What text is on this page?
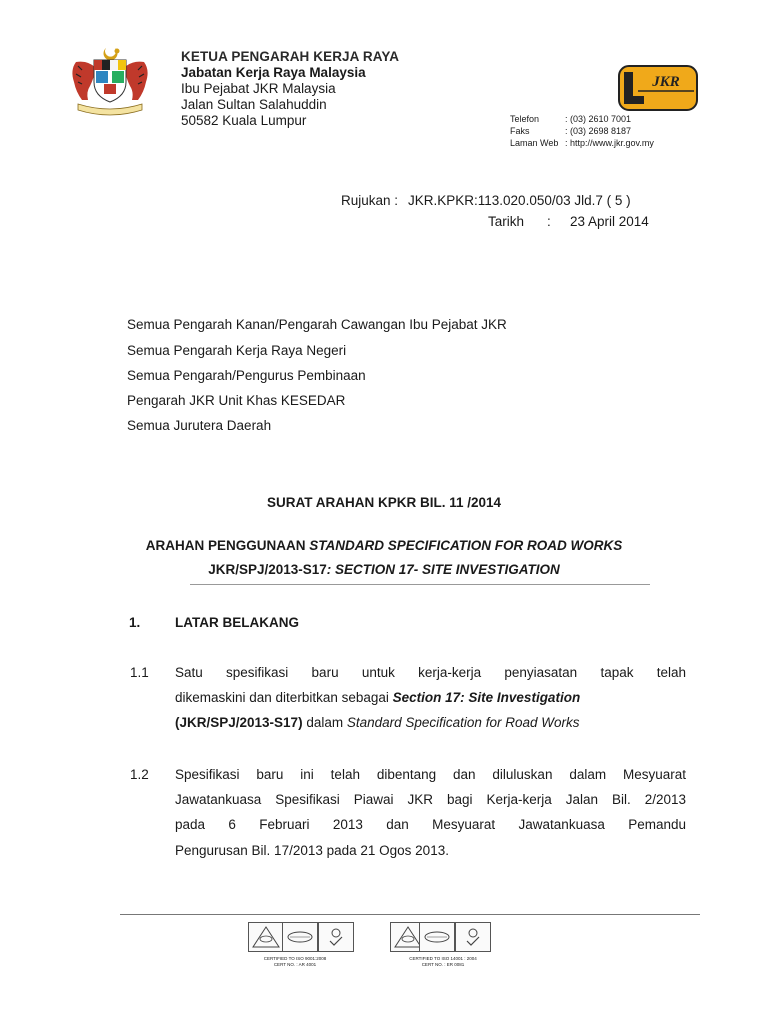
KETUA PENGARAH KERJA RAYA
Jabatan Kerja Raya Malaysia
Ibu Pejabat JKR Malaysia
Jalan Sultan Salahuddin
50582 Kuala Lumpur
JKR
Telefon	: (03) 2610 7001
Faks	: (03) 2698 8187
Laman Web : http://www.jkr.gov.my
Rujukan : JKR.KPKR:113.020.050/03 Jld.7 ( 5 )
Tarikh : 23 April 2014
Semua Pengarah Kanan/Pengarah Cawangan Ibu Pejabat JKR
Semua Pengarah Kerja Raya Negeri
Semua Pengarah/Pengurus Pembinaan
Pengarah JKR Unit Khas KESEDAR
Semua Jurutera Daerah
SURAT ARAHAN KPKR BIL. 11 /2014
ARAHAN PENGGUNAAN STANDARD SPECIFICATION FOR ROAD WORKS
JKR/SPJ/2013-S17: SECTION 17- SITE INVESTIGATION
1.	LATAR BELAKANG
1.1 Satu spesifikasi baru untuk kerja-kerja penyiasatan tapak telah
dikemaskini dan diterbitkan sebagai Section 17: Site Investigation
(JKR/SPJ/2013-S17) dalam Standard Specification for Road Works
1.2 Spesifikasi baru ini telah dibentang dan diluluskan dalam Mesyuarat
Jawatankuasa Spesifikasi Piawai JKR bagi Kerja-kerja Jalan Bil. 2/2013
pada 6 Februari 2013 dan Mesyuarat Jawatankuasa Pemandu
Pengurusan Bil. 17/2013 pada 21 Ogos 2013.
CERTIFIED TO ISO 9001:2008
CERT NO. : AR 4001
CERTIFIED TO ISO 14001 : 2004
CERT NO. : ER 0081
